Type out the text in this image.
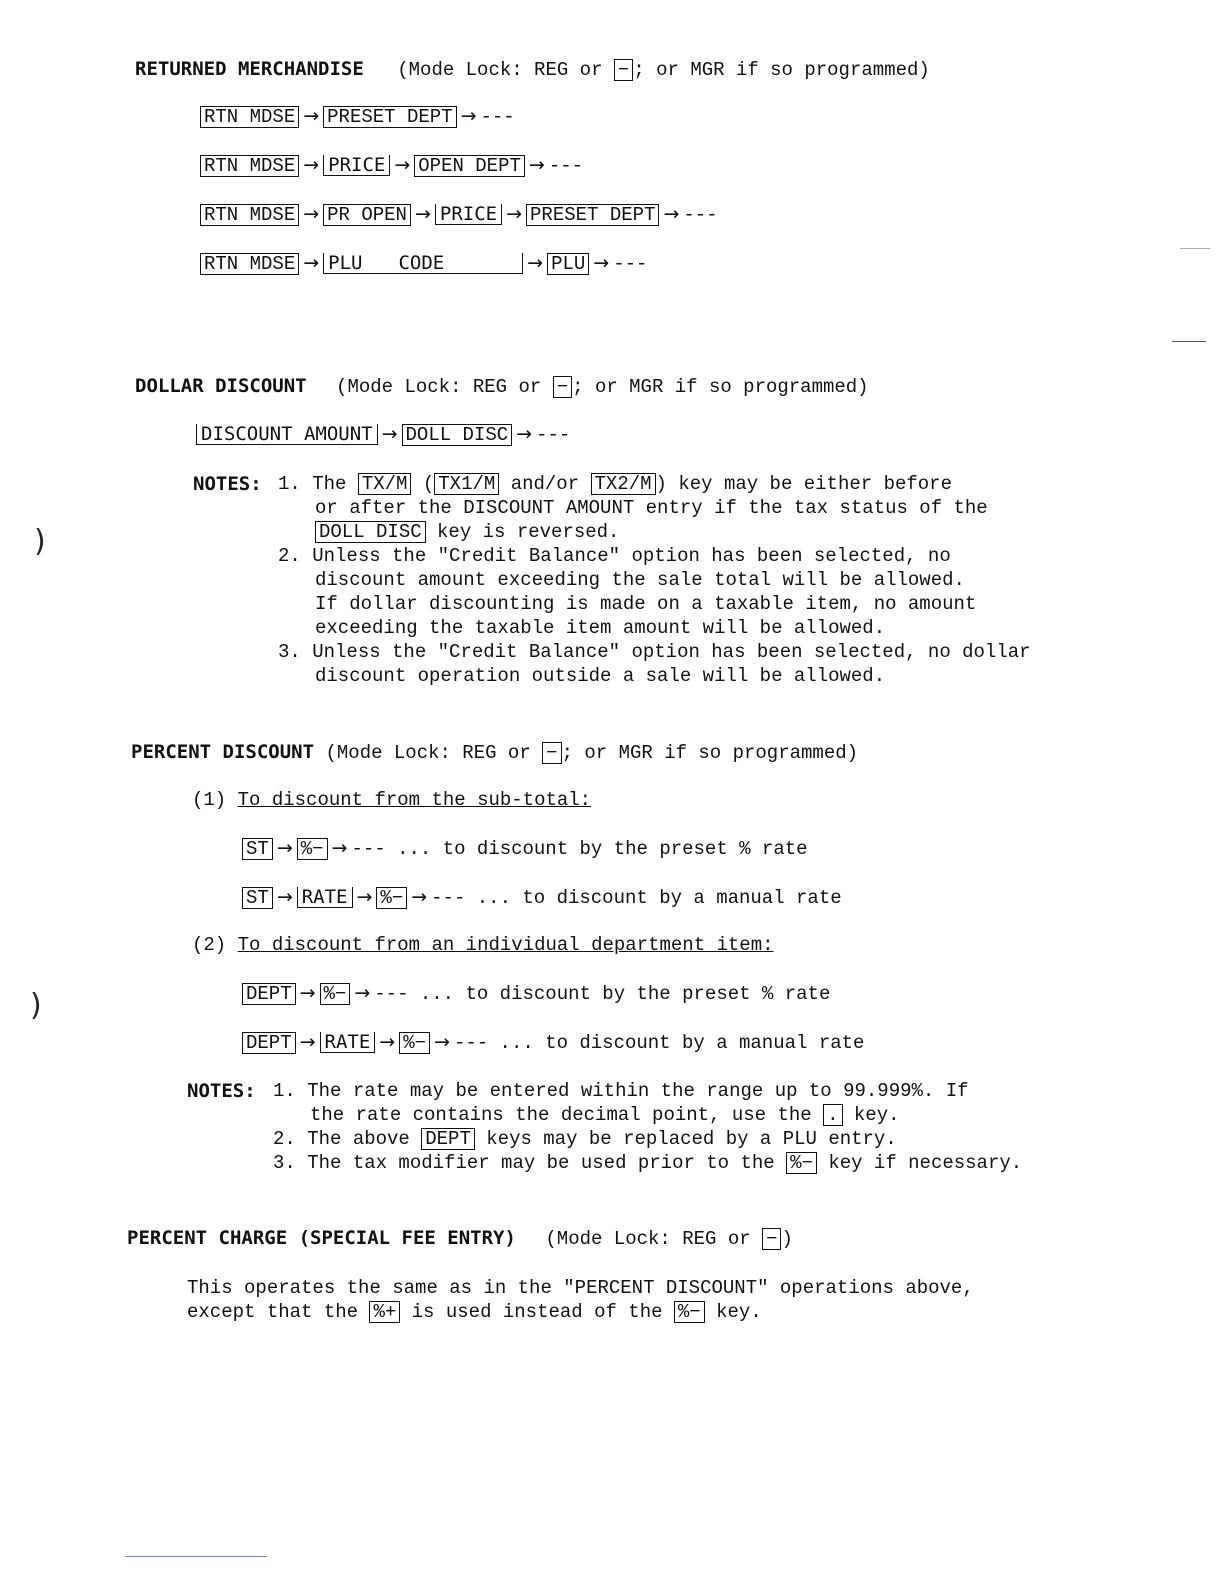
RETURNED MERCHANDISE (Mode Lock: REG or − ; or MGR if so programmed)
RTN MDSE → PRESET DEPT → ---
RTN MDSE → PRICE → OPEN DEPT → ---
RTN MDSE → PR OPEN → PRICE → PRESET DEPT → ---
RTN MDSE → PLU CODE	→ PLU → ---
DOLLAR DISCOUNT (Mode Lock: REG or − ; or MGR if so programmed)
DISCOUNT AMOUNT → DOLL DISC → ---
NOTES: 1. The TX/M ( TX1/M and/or TX2/M ) key may be either before
or after the DISCOUNT AMOUNT entry if the tax status of the
DOLL DISC key is reversed.
2. Unless the "Credit Balance" option has been selected, no
discount amount exceeding the sale total will be allowed.
If dollar discounting is made on a taxable item, no amount
exceeding the taxable item amount will be allowed.
3. Unless the "Credit Balance" option has been selected, no dollar
discount operation outside a sale will be allowed.
PERCENT DISCOUNT (Mode Lock: REG or − ; or MGR if so programmed)
(1) To discount from the sub-total:
ST → %− → --- ... to discount by the preset % rate
ST → RATE → %− → --- ... to discount by a manual rate
(2) To discount from an individual department item:
DEPT → %− → --- ... to discount by the preset % rate
DEPT → RATE → %− → --- ... to discount by a manual rate
NOTES: 1. The rate may be entered within the range up to 99.999%. If
the rate contains the decimal point, use the . key.
2. The above DEPT keys may be replaced by a PLU entry.
3. The tax modifier may be used prior to the %− key if necessary.
PERCENT CHARGE (SPECIAL FEE ENTRY) (Mode Lock: REG or − )
This operates the same as in the "PERCENT DISCOUNT" operations above,
except that the %+ is used instead of the %− key.
)
)
